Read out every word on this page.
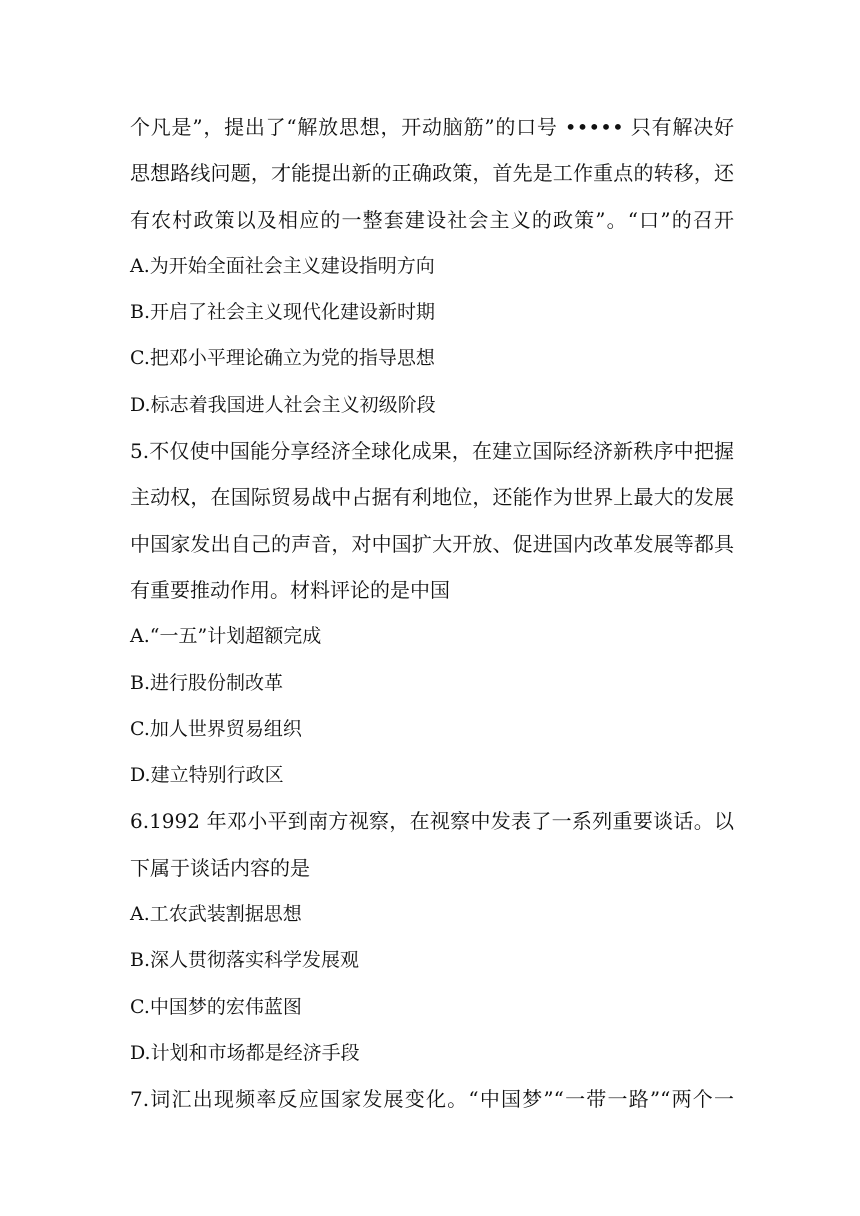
个凡是”，提出了“解放思想，开动脑筋”的口号 ••••• 只有解决好
思想路线问题，才能提出新的正确政策，首先是工作重点的转移，还
有农村政策以及相应的一整套建设社会主义的政策”。“口”的召开
A.为开始全面社会主义建设指明方向
B.开启了社会主义现代化建设新时期
C.把邓小平理论确立为党的指导思想
D.标志着我国进人社会主义初级阶段
5.不仅使中国能分享经济全球化成果，在建立国际经济新秩序中把握
主动权，在国际贸易战中占据有利地位，还能作为世界上最大的发展
中国家发出自己的声音，对中国扩大开放、促进国内改革发展等都具
有重要推动作用。材料评论的是中国
A.“一五”计划超额完成
B.进行股份制改革
C.加人世界贸易组织
D.建立特别行政区
6.1992 年邓小平到南方视察，在视察中发表了一系列重要谈话。以
下属于谈话内容的是
A.工农武装割据思想
B.深人贯彻落实科学发展观
C.中国梦的宏伟蓝图
D.计划和市场都是经济手段
7.词汇出现频率反应国家发展变化。“中国梦”“一带一路”“两个一
